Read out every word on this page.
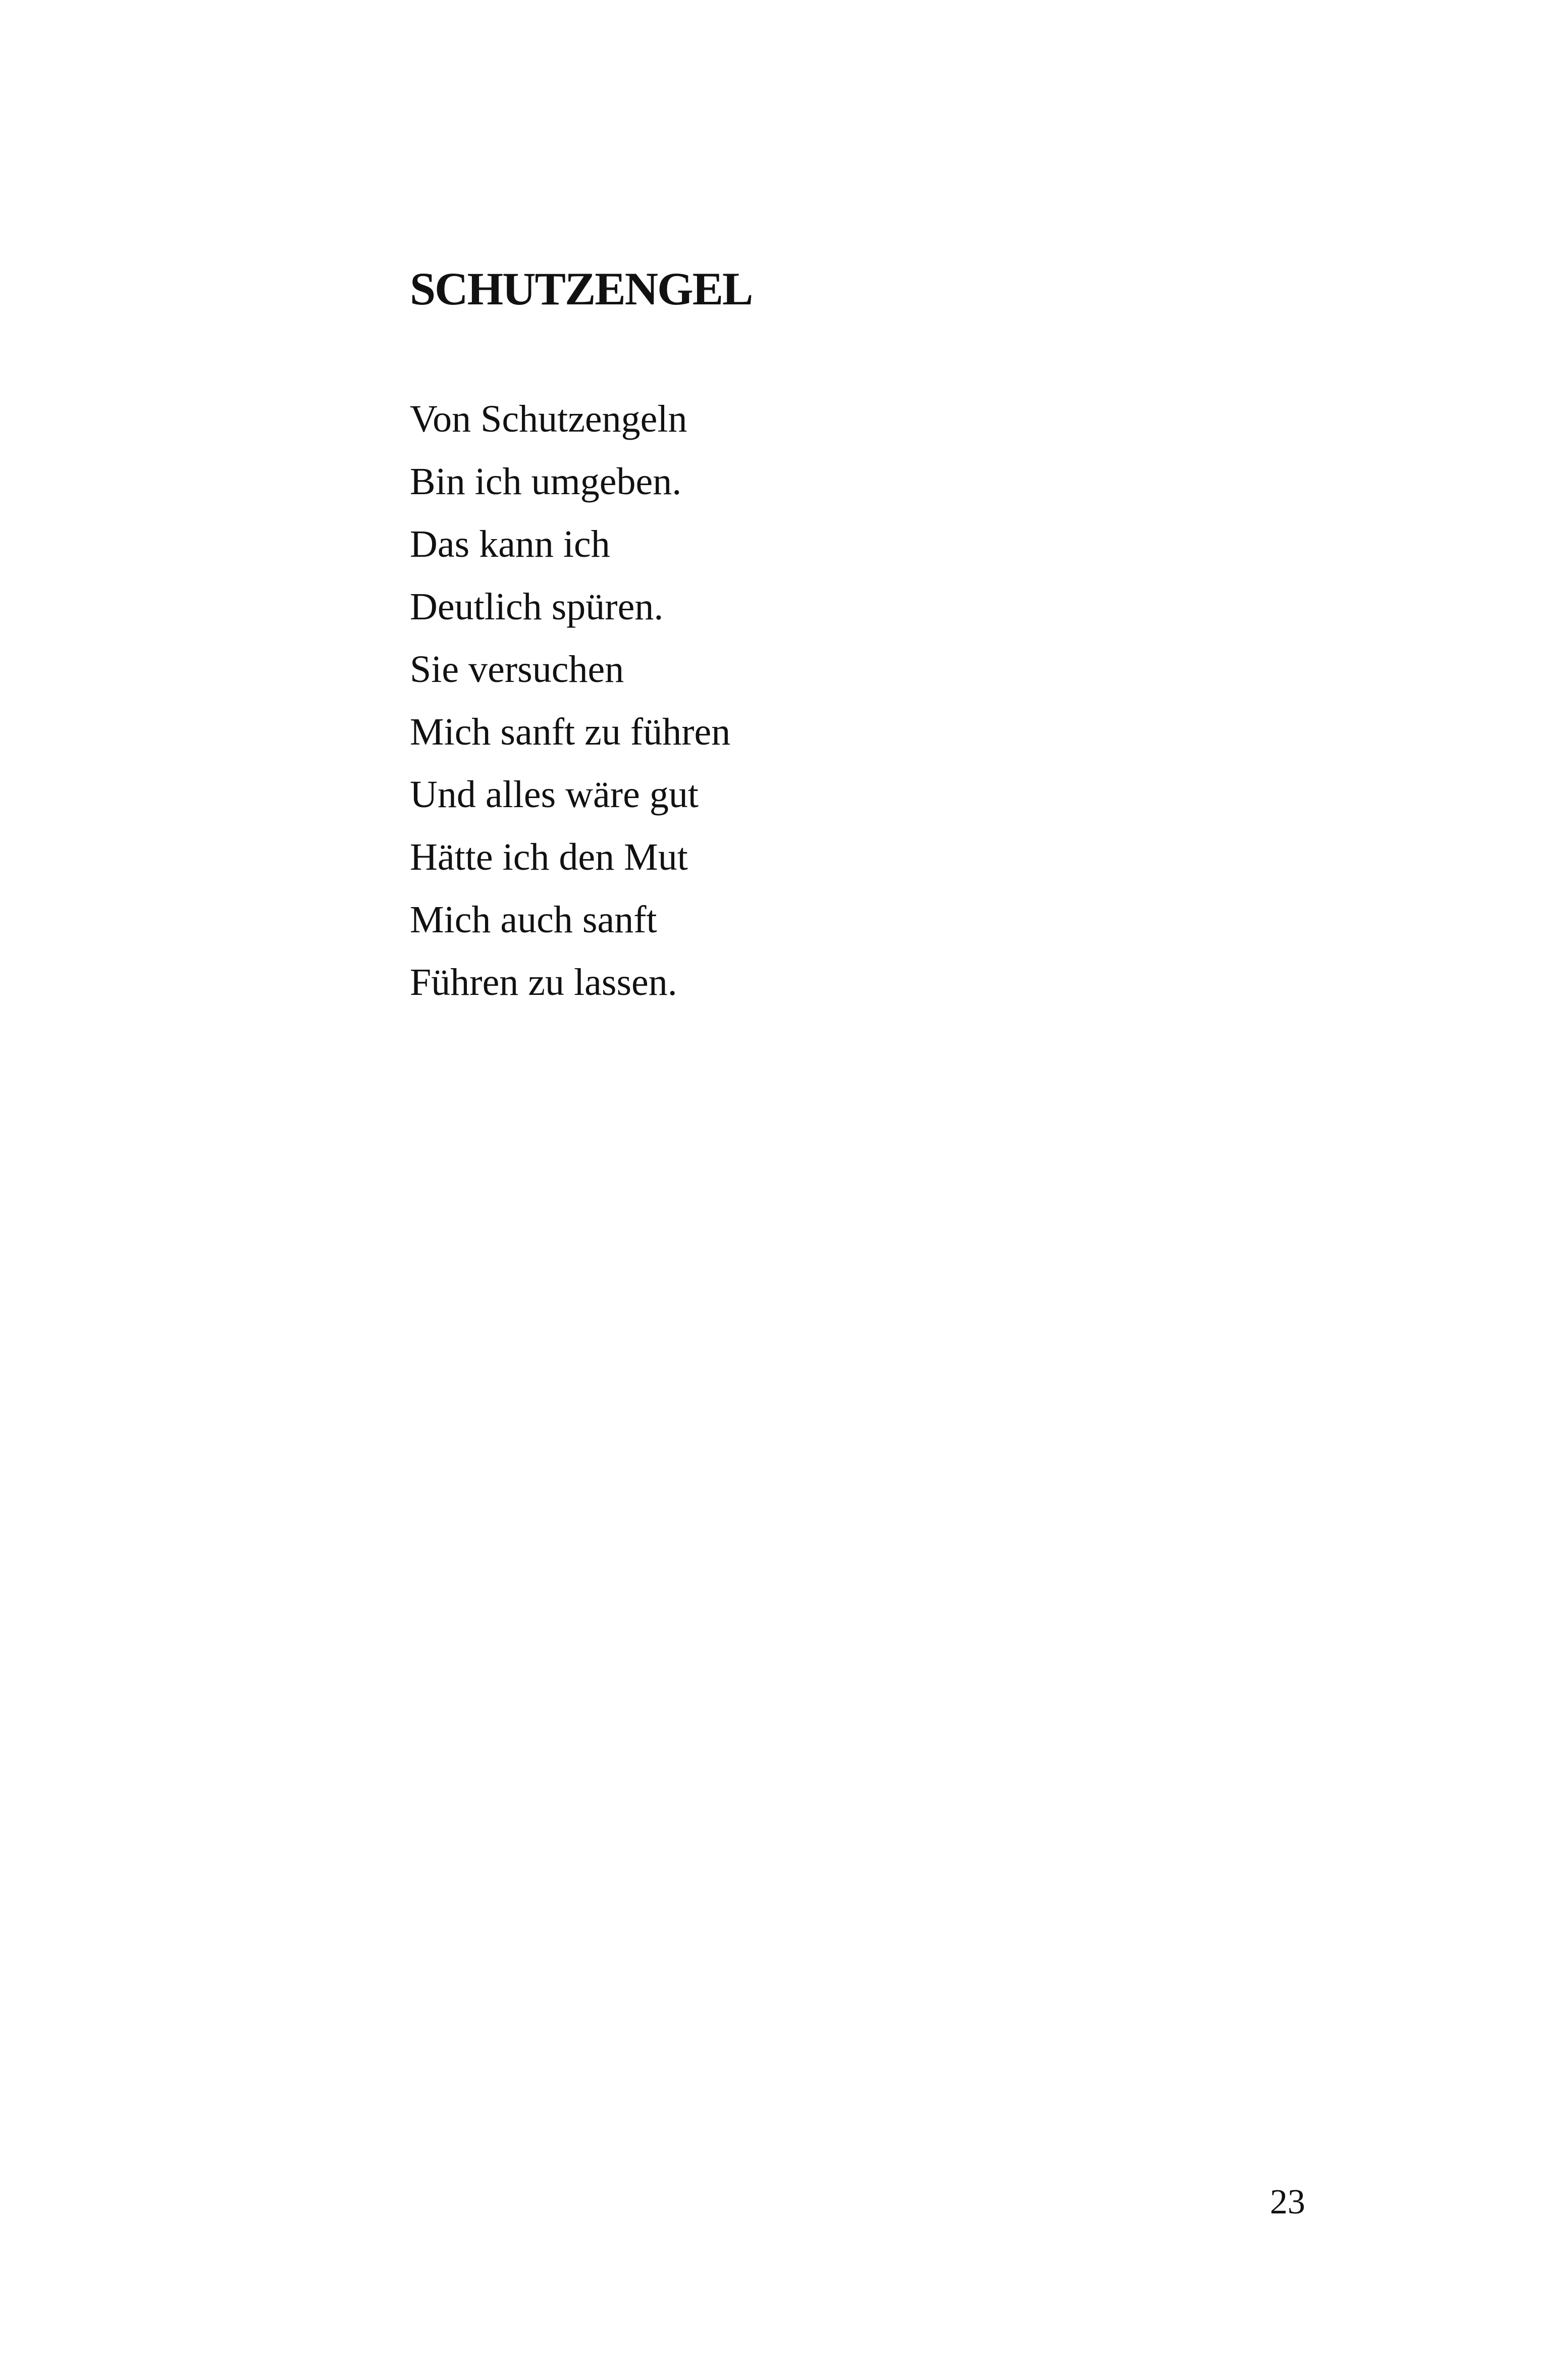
SCHUTZENGEL
Von Schutzengeln
Bin ich umgeben.
Das kann ich
Deutlich spüren.
Sie versuchen
Mich sanft zu führen
Und alles wäre gut
Hätte ich den Mut
Mich auch sanft
Führen zu lassen.
23
